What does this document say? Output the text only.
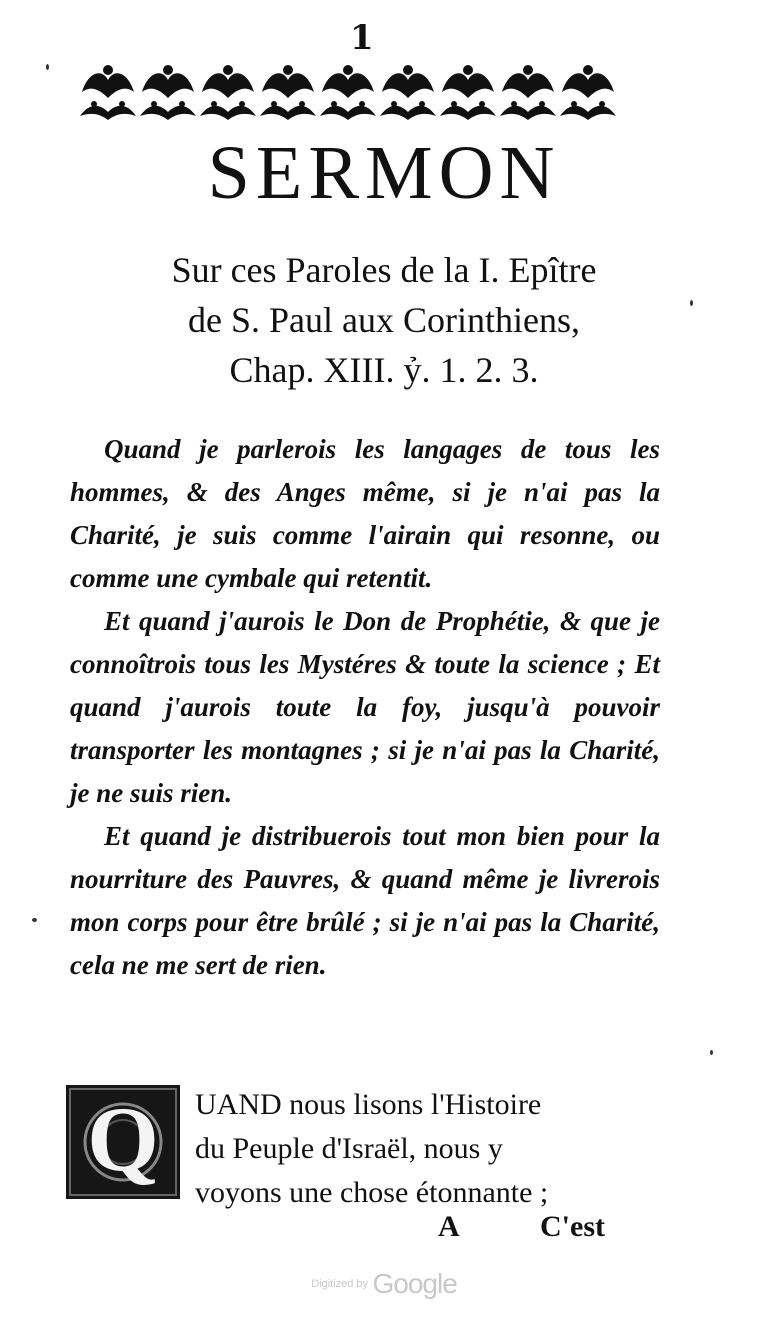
1
SERMON
Sur ces Paroles de la I. Epître
de S. Paul aux Corinthiens,
Chap. XIII. ỷ. 1. 2. 3.

Quand je parlerois les langages de tous les hommes, & des Anges même, si je n'ai pas la Charité, je suis comme l'airain qui resonne, ou comme une cymbale qui retentit.

Et quand j'aurois le Don de Prophétie, & que je connoîtrois tous les Mystéres & toute la science ; Et quand j'aurois toute la foy, jusqu'à pouvoir transporter les montagnes ; si je n'ai pas la Charité, je ne suis rien.

Et quand je distribuerois tout mon bien pour la nourriture des Pauvres, & quand même je livrerois mon corps pour être brûlé ; si je n'ai pas la Charité, cela ne me sert de rien.

Q	UAND nous lisons l'Histoire
du Peuple d'Israël, nous y
voyons une chose étonnante ;
A	C'est
Digitized by Google
